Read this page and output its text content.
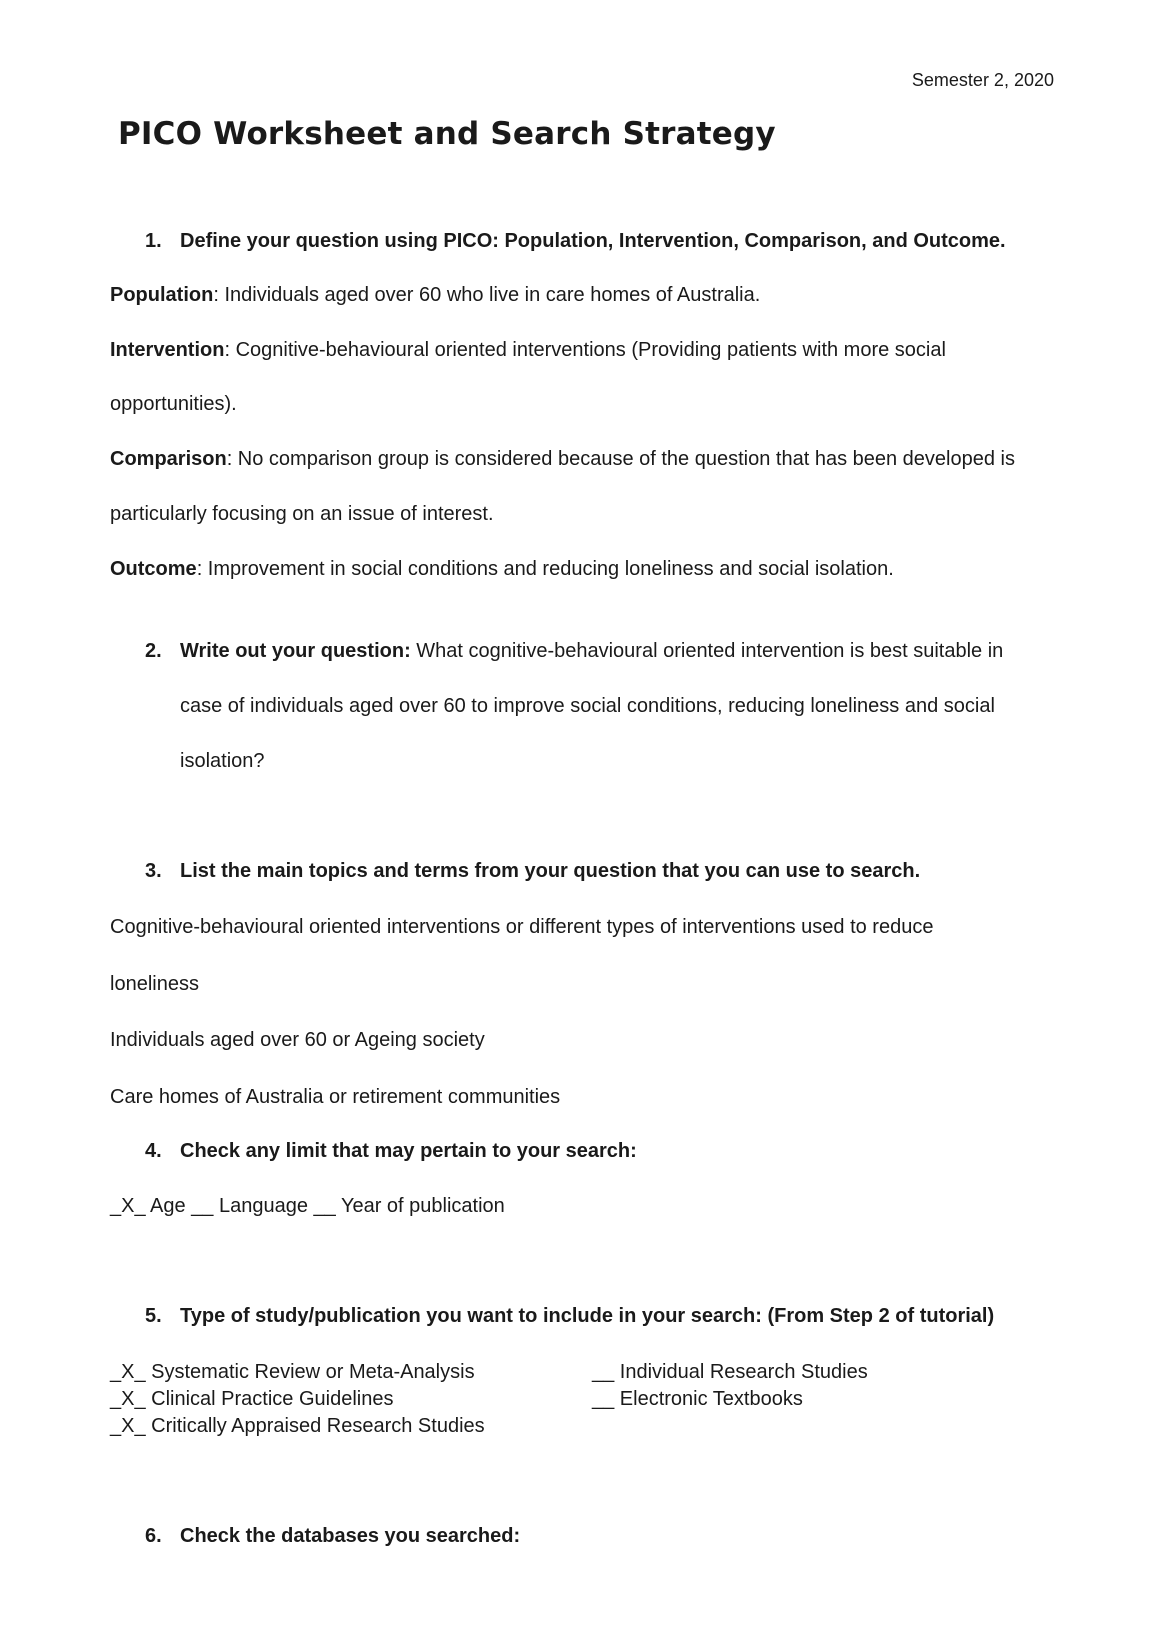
Semester 2, 2020
PICO Worksheet and Search Strategy
1. Define your question using PICO: Population, Intervention, Comparison, and Outcome.
Population: Individuals aged over 60 who live in care homes of Australia.
Intervention: Cognitive-behavioural oriented interventions (Providing patients with more social
opportunities).
Comparison: No comparison group is considered because of the question that has been developed is
particularly focusing on an issue of interest.
Outcome: Improvement in social conditions and reducing loneliness and social isolation.
2. Write out your question: What cognitive-behavioural oriented intervention is best suitable in
case of individuals aged over 60 to improve social conditions, reducing loneliness and social
isolation?
3. List the main topics and terms from your question that you can use to search.
Cognitive-behavioural oriented interventions or different types of interventions used to reduce
loneliness
Individuals aged over 60 or Ageing society
Care homes of Australia or retirement communities
4. Check any limit that may pertain to your search:
_X_ Age __ Language __ Year of publication
5. Type of study/publication you want to include in your search: (From Step 2 of tutorial)
_X_ Systematic Review or Meta-Analysis
_X_ Clinical Practice Guidelines
_X_ Critically Appraised Research Studies
__ Individual Research Studies
__ Electronic Textbooks
6. Check the databases you searched:
